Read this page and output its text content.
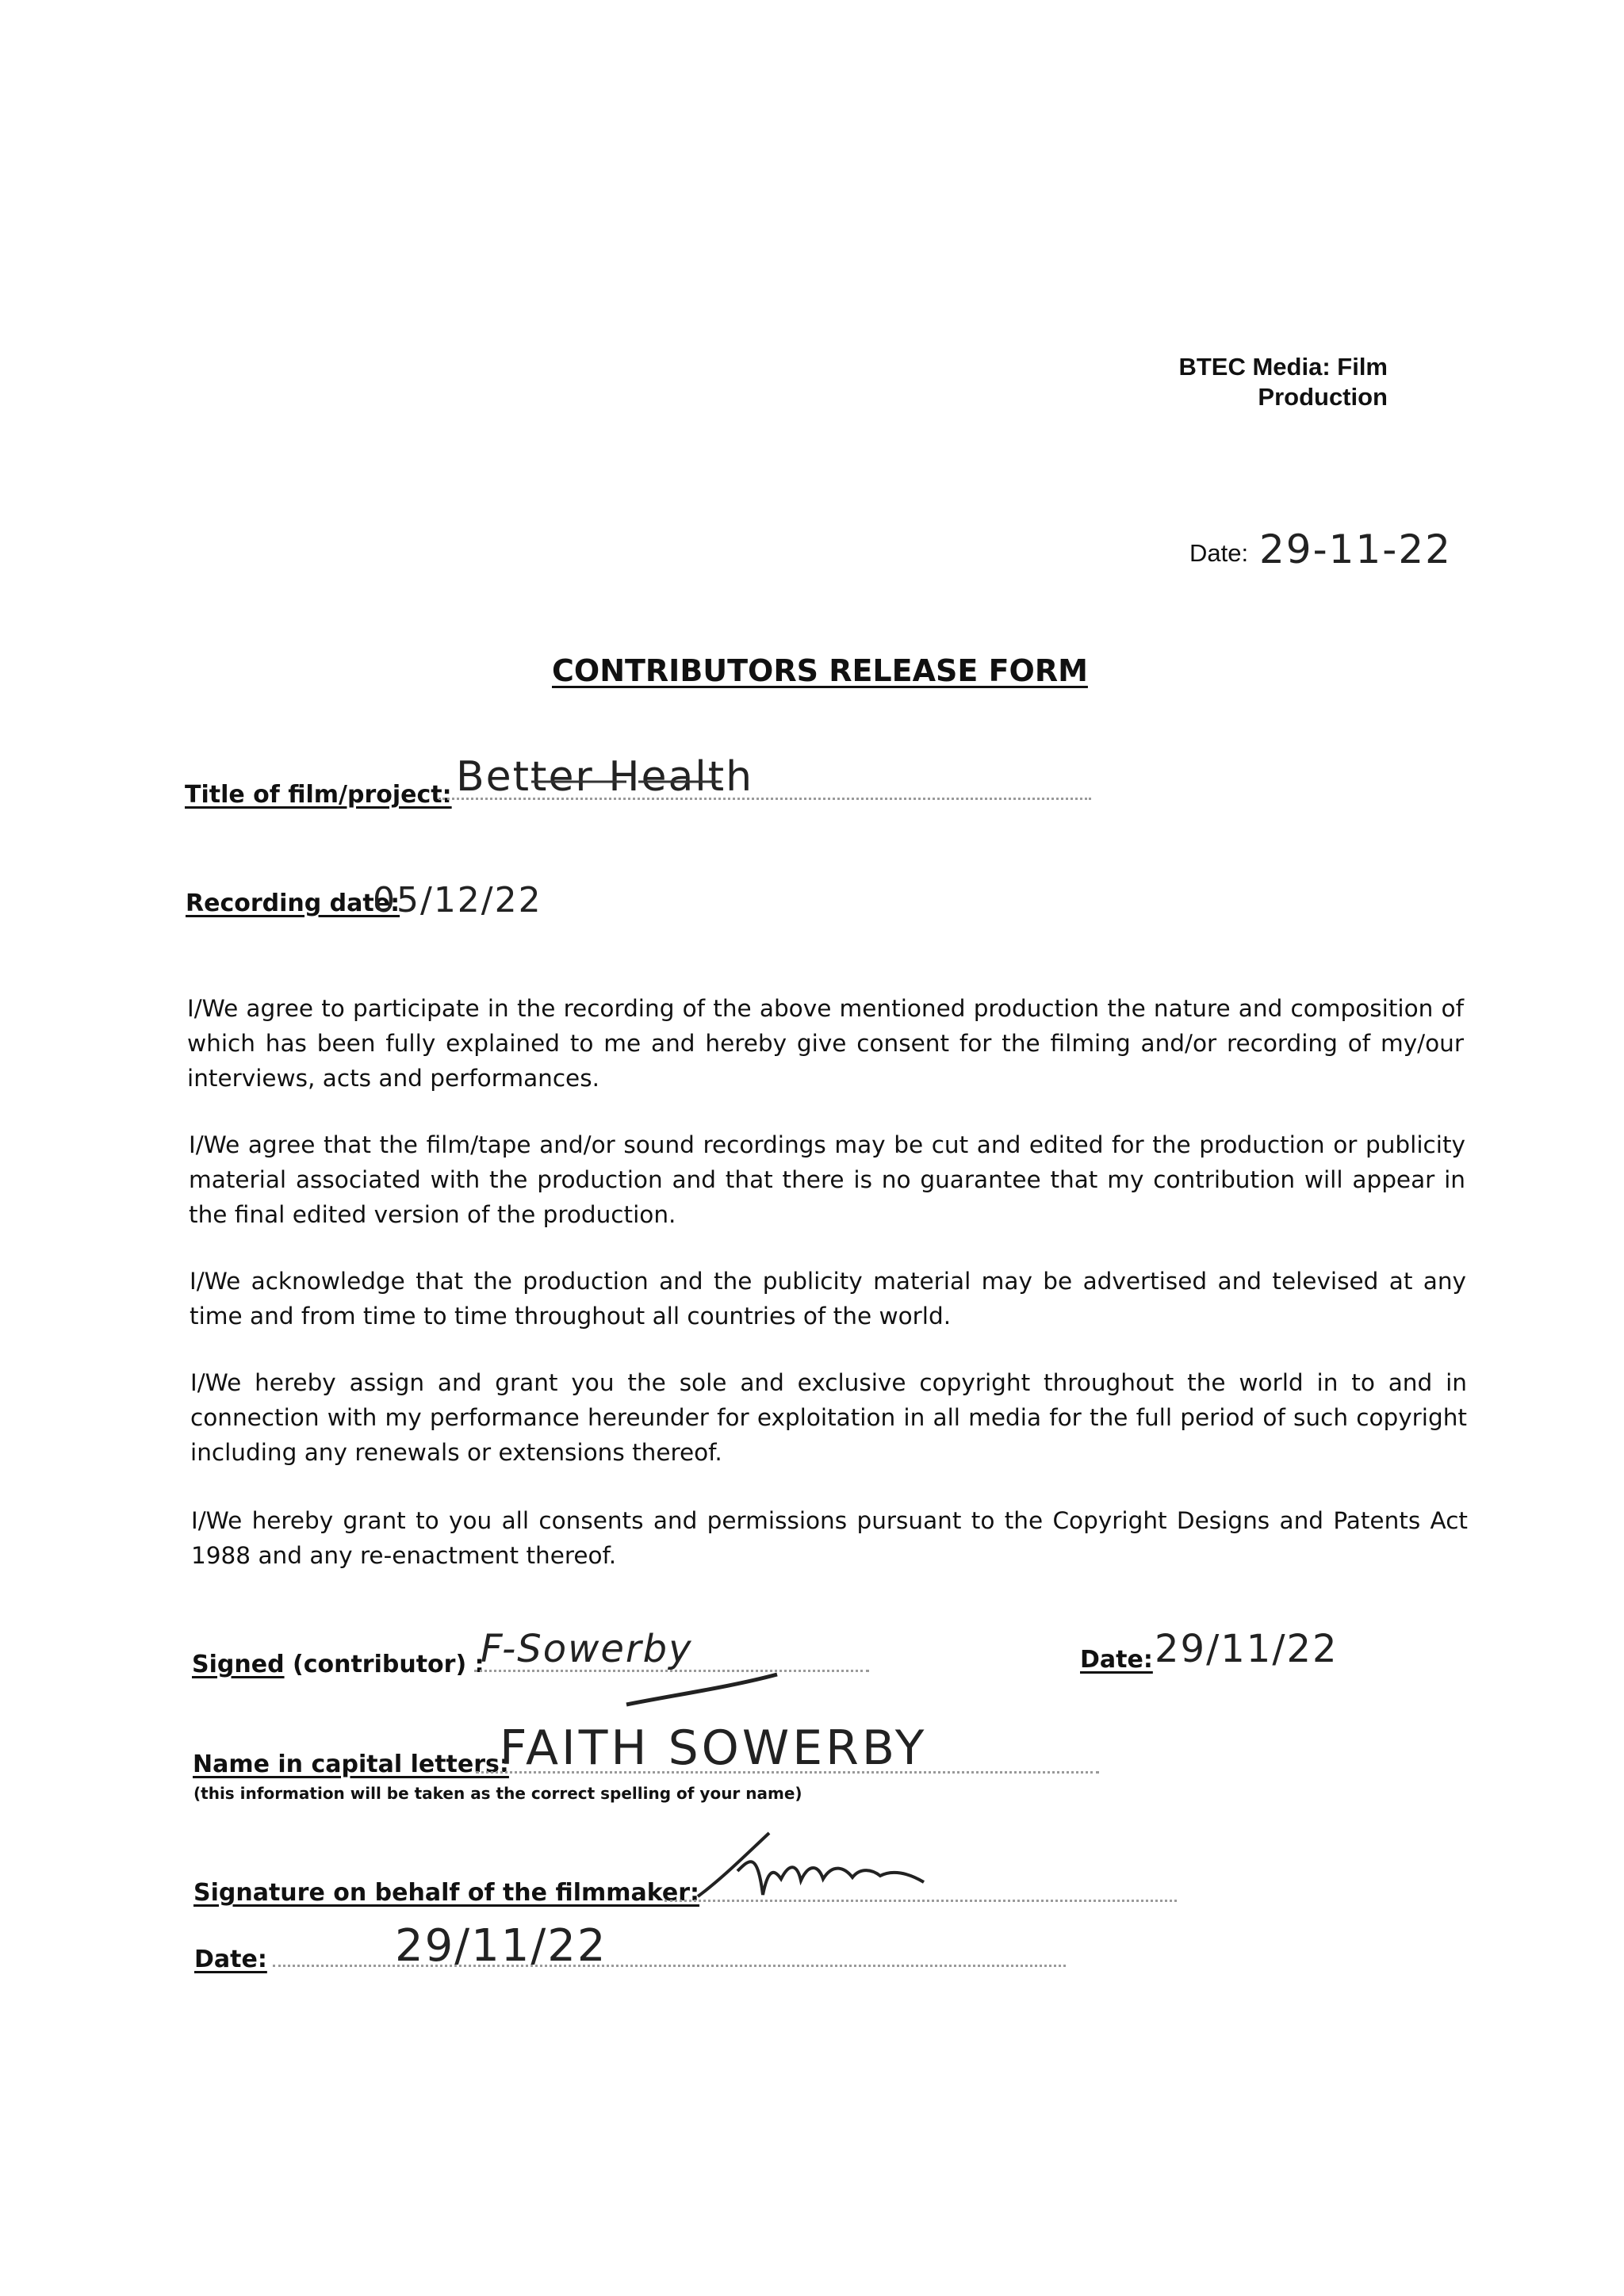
BTEC Media: Film
Production
Date: 29-11-22
CONTRIBUTORS RELEASE FORM
Title of film/project: Better Health
Recording date:
05/12/22
I/We agree to participate in the recording of the above mentioned production the nature and composition of which has been fully explained to me and hereby give consent for the filming and/or recording of my/our interviews, acts and performances.
I/We agree that the film/tape and/or sound recordings may be cut and edited for the production or publicity material associated with the production and that there is no guarantee that my contribution will appear in the final edited version of the production.
I/We acknowledge that the production and the publicity material may be advertised and televised at any time and from time to time throughout all countries of the world.
I/We hereby assign and grant you the sole and exclusive copyright throughout the world in to and in connection with my performance hereunder for exploitation in all media for the full period of such copyright including any renewals or extensions thereof.
I/We hereby grant to you all consents and permissions pursuant to the Copyright Designs and Patents Act 1988 and any re-enactment thereof.
Signed (contributor) :
F-Sowerby	Date: 29/11/22
Name in capital letters:
FAITH SOWERBY
(this information will be taken as the correct spelling of your name)
Signature on behalf of the filmmaker:
Date:	29/11/22
